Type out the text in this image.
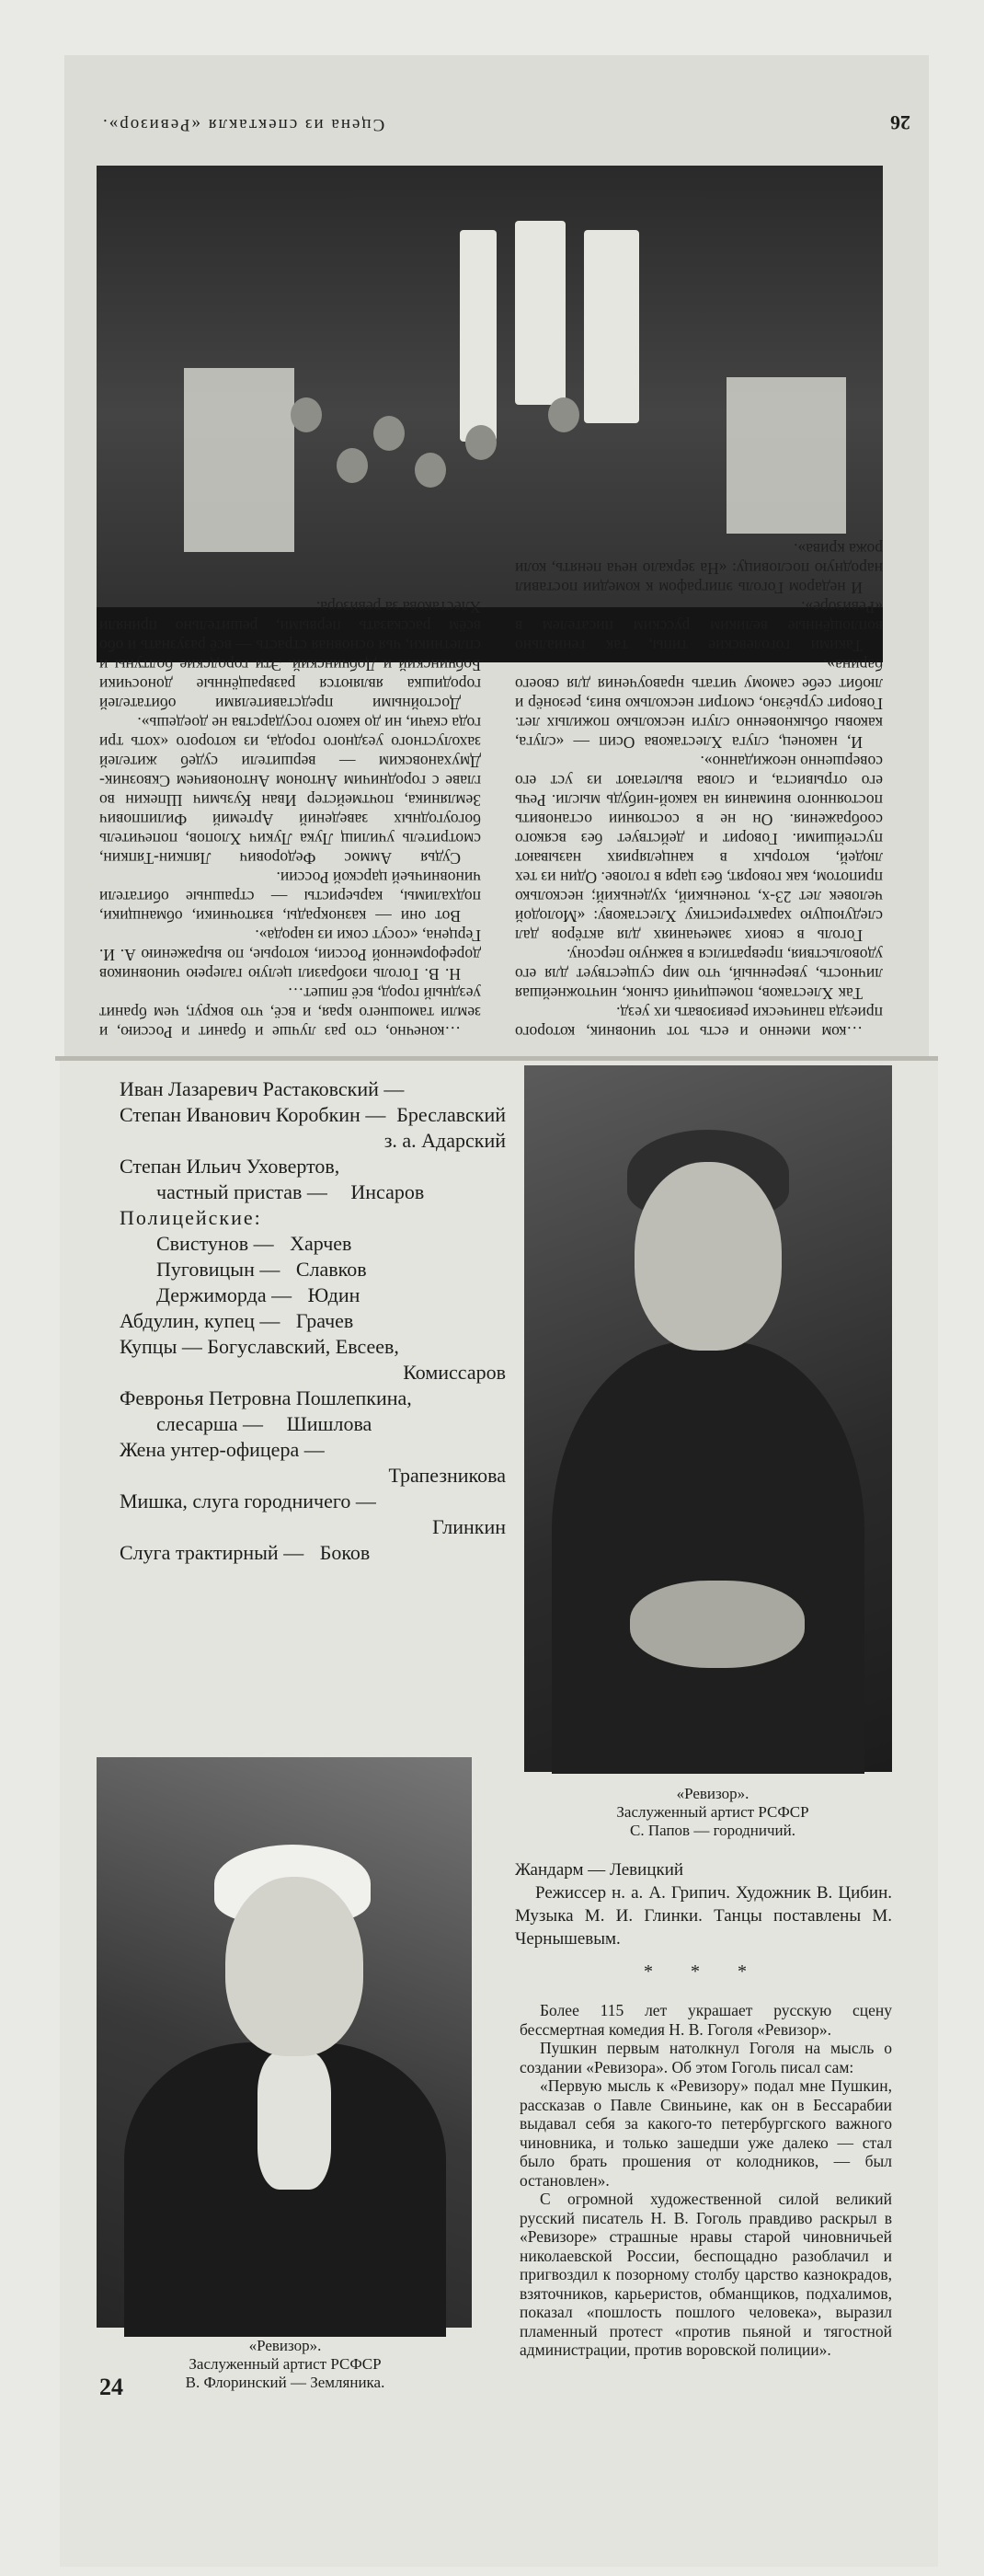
Сцена из спектакля «Ревизор».	26

…ком именно и есть тот чиновник, которого приезда панически ревизовать их уезд.

Так Хлестаков, помещичий сынок, ничтожнейшая личность, уверенный, что мир существует для его удовольствия, превратился в важную персону.

Гоголь в своих замечаниях для актёров дал следующую характеристику Хлестакову: «Молодой человек лет 23-х, тоненький, худенький; несколько припотом, как говорят, без царя в голове. Один из тех людей, которых в канцеляриях называют пустейшими. Говорит и действует без всякого соображения. Он не в состоянии остановить постоянного внимания на какой-нибудь мысли. Речь его отрывиста, и слова вылетают из уст его совершенно неожиданно».

И, наконец, слуга Хлестакова Осип — «слуга, каковы обыкновенно слуги несколько пожилых лет. Говорит сурьёзно, смотрит несколько вниз, резонёр и любит себе самому читать нравоучения для своего барина».

Такими гоголевские типы, так гениально воплощённые великим русским писателем в «Ревизоре».

И недаром Гоголь эпиграфом к комедии поставил народную пословицу: «На зеркало неча пенять, коли рожа крива».

…конечно, сто раз лучше и бранит и Россию, и земли тамошнего края, и всё, что вокруг, чем бранит уездный город, всё пишет…

Н. В. Гоголь изобразил целую галерею чиновников дореформенной России, которые, по выражению А. И. Герцена, «сосут соки из народа».

Вот они — казнокрады, взяточники, обманщики, подхалимы, карьеристы — страшные обитатели чиновничьей царской России.

Судья Аммос Федорович Ляпкин-Тяпкин, смотритель училищ Лука Лукич Хлопов, попечитель богоугодных заведений Артемий Филиппович Земляника, почтмейстер Иван Кузьмич Шпекин во главе с городничим Антоном Антоновичем Сквозник-Дмухановским — вершители судеб жителей захолустного уездного города, из которого «хоть три года скачи, ни до какого государства не доедешь».

Достойными представителями обитателей городишка являются развращённые доносчики Бобчинский и Добчинский. Эти городские болтуны и сплетники, чья основная страсть — всё разузнать и обо всём рассказать первыми, решительно приняли Хлестакова за ревизора.

Иван Лазаревич Растаковский —
Бреславский
Степан Иванович Коробкин —
з. а. Адарский
Степан Ильич Уховертов,
частный пристав — Инсаров
Полицейские:
Свистунов — Харчев
Пуговицын — Славков
Держиморда — Юдин
Абдулин, купец — Грачев
Купцы — Богуславский, Евсеев,
Комиссаров
Февронья Петровна Пошлепкина,
слесарша — Шишлова
Жена унтер-офицера —
Трапезникова
Мишка, слуга городничего —
Глинкин
Слуга трактирный — Боков
«Ревизор».
Заслуженный артист РСФСР
С. Папов — городничий.
Жандарм — Левицкий
Режиссер н. а. А. Грипич. Художник В. Цибин. Музыка М. И. Глинки. Танцы поставлены М. Чернышевым.
* * *

Более 115 лет украшает русскую сцену бессмертная комедия Н. В. Гоголя «Ревизор».

Пушкин первым натолкнул Гоголя на мысль о создании «Ревизора». Об этом Гоголь писал сам:

«Первую мысль к «Ревизору» подал мне Пушкин, рассказав о Павле Свиньине, как он в Бессарабии выдавал себя за какого-то петербургского важного чиновника, и только зашедши уже далеко — стал было брать прошения от колодников, — был остановлен».

С огромной художественной силой великий русский писатель Н. В. Гоголь правдиво раскрыл в «Ревизоре» страшные нравы старой чиновничьей николаевской России, беспощадно разоблачил и пригвоздил к позорному столбу царство казнокрадов, взяточников, карьеристов, обманщиков, подхалимов, показал «пошлость пошлого человека», выразил пламенный протест «против пьяной и тягостной администрации, против воровской полиции».

«Ревизор».
Заслуженный артист РСФСР
В. Флоринский — Земляника.
24
